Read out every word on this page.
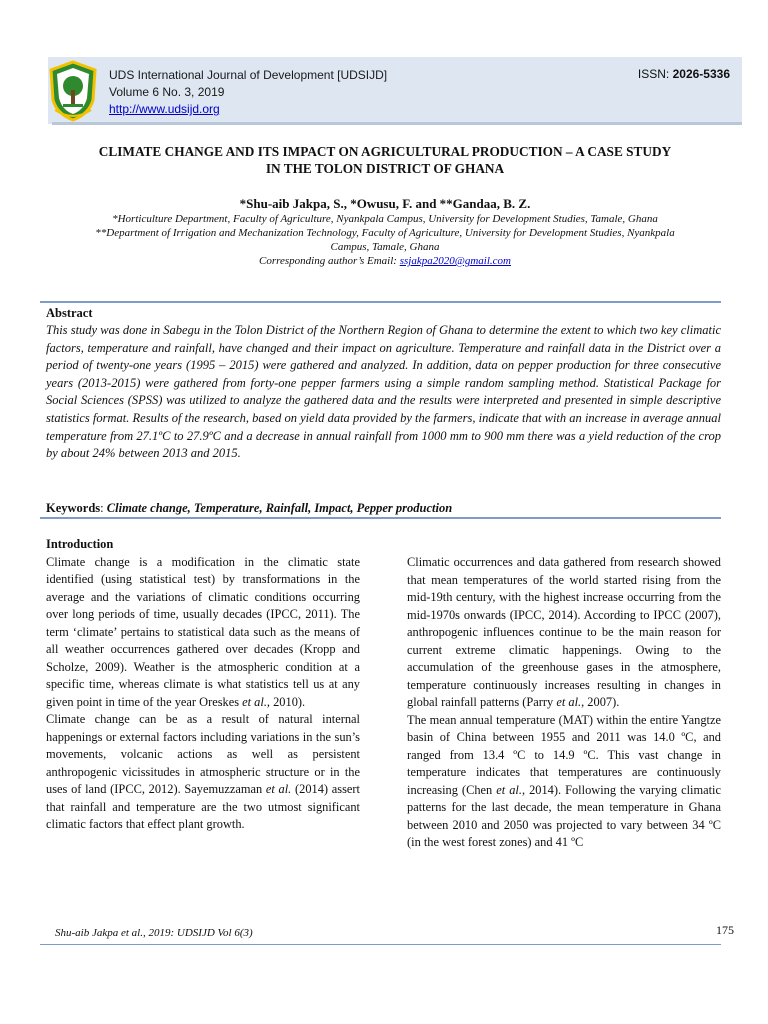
UDS International Journal of Development [UDSIJD]
Volume 6 No. 3, 2019
http://www.udsijd.org
ISSN: 2026-5336
CLIMATE CHANGE AND ITS IMPACT ON AGRICULTURAL PRODUCTION – A CASE STUDY
IN THE TOLON DISTRICT OF GHANA
*Shu-aib Jakpa, S., *Owusu, F. and **Gandaa, B. Z.
*Horticulture Department, Faculty of Agriculture, Nyankpala Campus, University for Development Studies, Tamale, Ghana
**Department of Irrigation and Mechanization Technology, Faculty of Agriculture, University for Development Studies, Nyankpala
Campus, Tamale, Ghana
Corresponding author’s Email: ssjakpa2020@gmail.com
Abstract
This study was done in Sabegu in the Tolon District of the Northern Region of Ghana to determine the extent to which two key climatic factors, temperature and rainfall, have changed and their impact on agriculture. Temperature and rainfall data in the District over a period of twenty-one years (1995 – 2015) were gathered and analyzed. In addition, data on pepper production for three consecutive years (2013-2015) were gathered from forty-one pepper farmers using a simple random sampling method. Statistical Package for Social Sciences (SPSS) was utilized to analyze the gathered data and the results were interpreted and presented in simple descriptive statistics format. Results of the research, based on yield data provided by the farmers, indicate that with an increase in average annual temperature from 27.1ºC to 27.9ºC and a decrease in annual rainfall from 1000 mm to 900 mm there was a yield reduction of the crop by about 24% between 2013 and 2015.
Keywords: Climate change, Temperature, Rainfall, Impact, Pepper production

Introduction

Climate change is a modification in the climatic state identified (using statistical test) by transformations in the average and the variations of climatic conditions occurring over long periods of time, usually decades (IPCC, 2011). The term ‘climate’ pertains to statistical data such as the means of all weather occurrences gathered over decades (Kropp and Scholze, 2009). Weather is the atmospheric condition at a specific time, whereas climate is what statistics tell us at any given point in time of the year Oreskes et al., 2010).

Climate change can be as a result of natural internal happenings or external factors including variations in the sun’s movements, volcanic actions as well as persistent anthropogenic vicissitudes in atmospheric structure or in the uses of land (IPCC, 2012). Sayemuzzaman et al. (2014) assert that rainfall and temperature are the two utmost significant climatic factors that effect plant growth.

Climatic occurrences and data gathered from research showed that mean temperatures of the world started rising from the mid-19th century, with the highest increase occurring from the mid-1970s onwards (IPCC, 2014). According to IPCC (2007), anthropogenic influences continue to be the main reason for current extreme climatic happenings. Owing to the accumulation of the greenhouse gases in the atmosphere, temperature continuously increases resulting in changes in global rainfall patterns (Parry et al., 2007).

The mean annual temperature (MAT) within the entire Yangtze basin of China between 1955 and 2011 was 14.0 ºC, and ranged from 13.4 ºC to 14.9 ºC. This vast change in temperature indicates that temperatures are continuously increasing (Chen et al., 2014). Following the varying climatic patterns for the last decade, the mean temperature in Ghana between 2010 and 2050 was projected to vary between 34 ºC (in the west forest zones) and 41 ºC

Shu-aib Jakpa et al., 2019: UDSIJD Vol 6(3)	175
